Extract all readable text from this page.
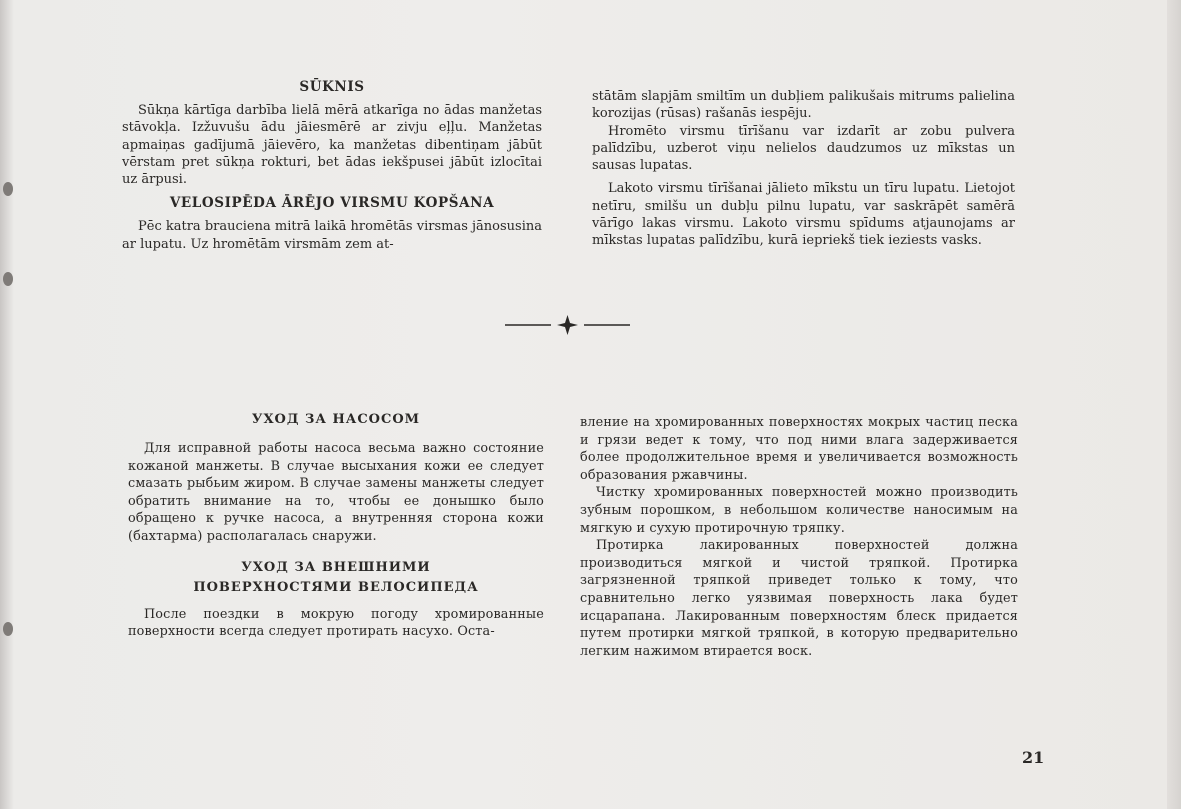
SŪKNIS

Sūkņa kārtīga darbība lielā mērā atkarīga no ādas manžetas stāvokļa. Izžuvušu ādu jāiesmērē ar zivju eļļu. Manžetas apmaiņas gadījumā jāievēro, ka manžetas dibentiņam jābūt vērstam pret sūkņa rokturi, bet ādas iekšpusei jābūt izlocītai uz ārpusi.

VELOSIPĒDA ĀRĒJO VIRSMU KOPŠANA

Pēc katra brauciena mitrā laikā hromētās virsmas jānosusina ar lupatu. Uz hromētām virsmām zem at-

stātām slapjām smiltīm un dubļiem palikušais mitrums palielina korozijas (rūsas) rašanās iespēju.

Hromēto virsmu tīrīšanu var izdarīt ar zobu pulvera palīdzību, uzberot viņu nelielos daudzumos uz mīkstas un sausas lupatas.

Lakoto virsmu tīrīšanai jālieto mīkstu un tīru lupatu. Lietojot netīru, smilšu un dubļu pilnu lupatu, var saskrāpēt samērā vārīgo lakas virsmu. Lakoto virsmu spīdums atjaunojams ar mīkstas lupatas palīdzību, kurā iepriekš tiek ieziests vasks.

УХОД ЗА НАСОСОМ

Для исправной работы насоса весьма важно состояние кожаной манжеты. В случае высыхания кожи ее следует смазать рыбьим жиром. В случае замены манжеты следует обратить внимание на то, чтобы ее донышко было обращено к ручке насоса, а внутренняя сторона кожи (бахтарма) располагалась снаружи.

УХОД ЗА ВНЕШНИМИ
ПОВЕРХНОСТЯМИ ВЕЛОСИПЕДА

После поездки в мокрую погоду хромированные поверхности всегда следует протирать насухо. Оста-

вление на хромированных поверхностях мокрых частиц песка и грязи ведет к тому, что под ними влага задерживается более продолжительное время и увеличивается возможность образования ржавчины.

Чистку хромированных поверхностей можно производить зубным порошком, в небольшом количестве наносимым на мягкую и сухую протирочную тряпку.

Протирка лакированных поверхностей должна производиться мягкой и чистой тряпкой. Протирка загрязненной тряпкой приведет только к тому, что сравнительно легко уязвимая поверхность лака будет исцарапана. Лакированным поверхностям блеск придается путем протирки мягкой тряпкой, в которую предварительно легким нажимом втирается воск.

21
